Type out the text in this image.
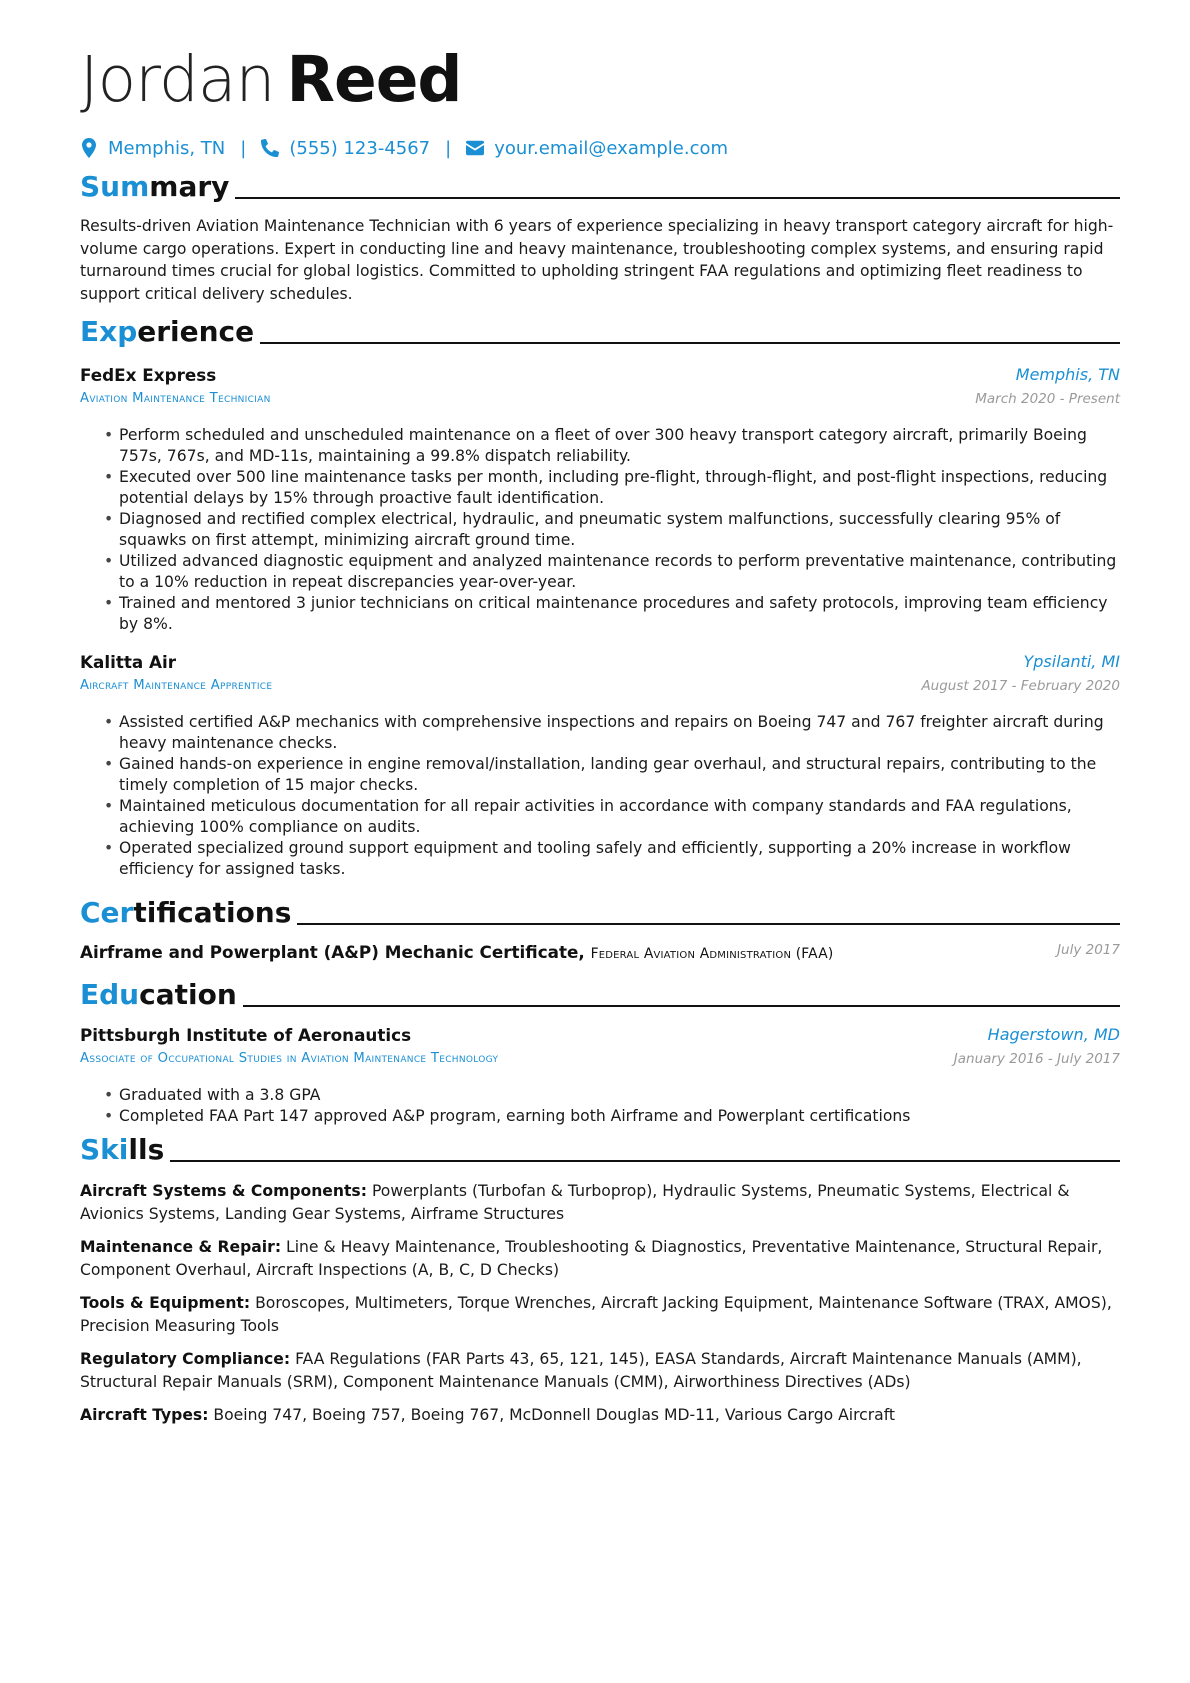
Jordan Reed
Memphis, TN | (555) 123-4567 | your.email@example.com
Summary
Results-driven Aviation Maintenance Technician with 6 years of experience specializing in heavy transport category aircraft for high-volume cargo operations. Expert in conducting line and heavy maintenance, troubleshooting complex systems, and ensuring rapid turnaround times crucial for global logistics. Committed to upholding stringent FAA regulations and optimizing fleet readiness to support critical delivery schedules.
Experience
FedEx Express	Memphis, TN
Aviation Maintenance Technician	March 2020 - Present
• Perform scheduled and unscheduled maintenance on a fleet of over 300 heavy transport category aircraft, primarily Boeing 757s, 767s, and MD-11s, maintaining a 99.8% dispatch reliability.
• Executed over 500 line maintenance tasks per month, including pre-flight, through-flight, and post-flight inspections, reducing potential delays by 15% through proactive fault identification.
• Diagnosed and rectified complex electrical, hydraulic, and pneumatic system malfunctions, successfully clearing 95% of squawks on first attempt, minimizing aircraft ground time.
• Utilized advanced diagnostic equipment and analyzed maintenance records to perform preventative maintenance, contributing to a 10% reduction in repeat discrepancies year-over-year.
• Trained and mentored 3 junior technicians on critical maintenance procedures and safety protocols, improving team efficiency by 8%.
Kalitta Air	Ypsilanti, MI
Aircraft Maintenance Apprentice	August 2017 - February 2020
• Assisted certified A&P mechanics with comprehensive inspections and repairs on Boeing 747 and 767 freighter aircraft during heavy maintenance checks.
• Gained hands-on experience in engine removal/installation, landing gear overhaul, and structural repairs, contributing to the timely completion of 15 major checks.
• Maintained meticulous documentation for all repair activities in accordance with company standards and FAA regulations, achieving 100% compliance on audits.
• Operated specialized ground support equipment and tooling safely and efficiently, supporting a 20% increase in workflow efficiency for assigned tasks.
Certifications
Airframe and Powerplant (A&P) Mechanic Certificate, Federal Aviation Administration (FAA)	July 2017
Education
Pittsburgh Institute of Aeronautics	Hagerstown, MD
Associate of Occupational Studies in Aviation Maintenance Technology	January 2016 - July 2017
• Graduated with a 3.8 GPA
• Completed FAA Part 147 approved A&P program, earning both Airframe and Powerplant certifications
Skills
Aircraft Systems & Components: Powerplants (Turbofan & Turboprop), Hydraulic Systems, Pneumatic Systems, Electrical & Avionics Systems, Landing Gear Systems, Airframe Structures
Maintenance & Repair: Line & Heavy Maintenance, Troubleshooting & Diagnostics, Preventative Maintenance, Structural Repair, Component Overhaul, Aircraft Inspections (A, B, C, D Checks)
Tools & Equipment: Boroscopes, Multimeters, Torque Wrenches, Aircraft Jacking Equipment, Maintenance Software (TRAX, AMOS), Precision Measuring Tools
Regulatory Compliance: FAA Regulations (FAR Parts 43, 65, 121, 145), EASA Standards, Aircraft Maintenance Manuals (AMM), Structural Repair Manuals (SRM), Component Maintenance Manuals (CMM), Airworthiness Directives (ADs)
Aircraft Types: Boeing 747, Boeing 757, Boeing 767, McDonnell Douglas MD-11, Various Cargo Aircraft
